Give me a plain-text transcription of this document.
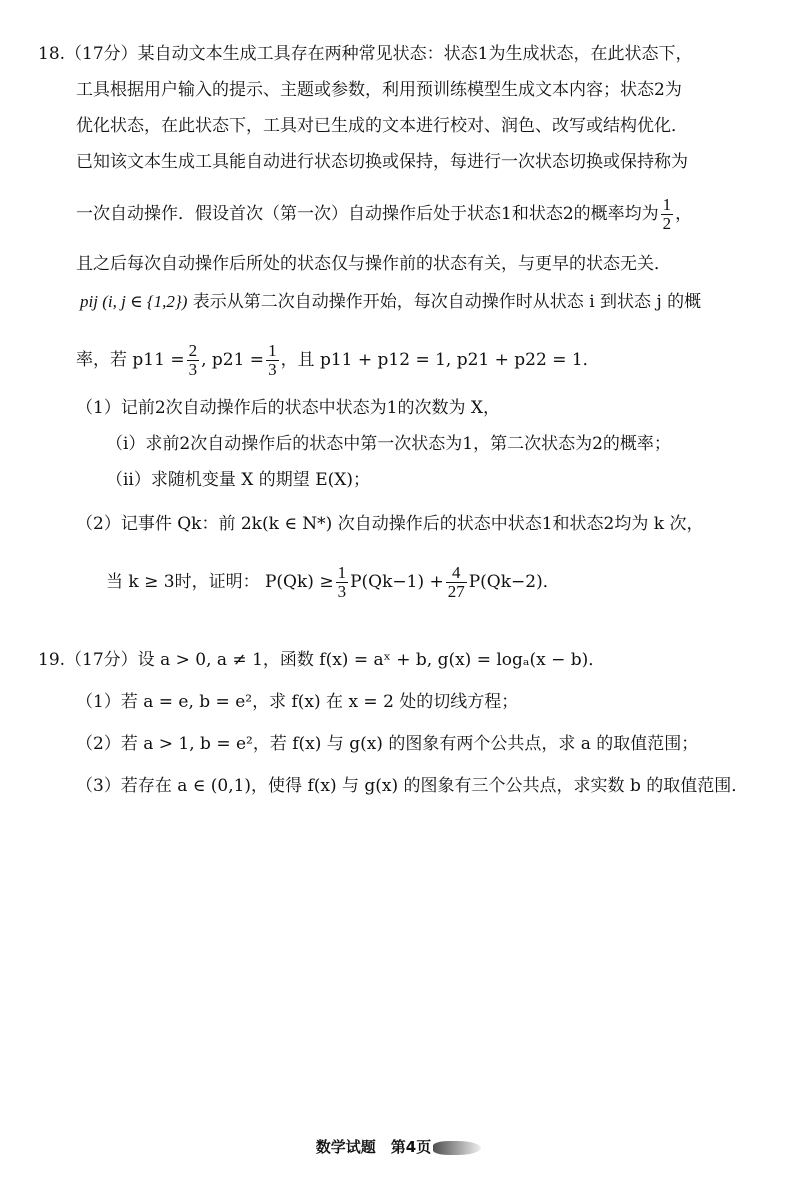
18.（17分）某自动文本生成工具存在两种常见状态：状态1为生成状态，在此状态下，
工具根据用户输入的提示、主题或参数，利用预训练模型生成文本内容；状态2为
优化状态，在此状态下，工具对已生成的文本进行校对、润色、改写或结构优化．
已知该文本生成工具能自动进行状态切换或保持，每进行一次状态切换或保持称为
一次自动操作．假设首次（第一次）自动操作后处于状态1和状态2的概率均为 $\frac{1}{2}$ ，
且之后每次自动操作后所处的状态仅与操作前的状态有关，与更早的状态无关．
pij (i, j ∈ {1,2}) 表示从第二次自动操作开始，每次自动操作时从状态 i 到状态 j 的概
率，若 $p11 = \frac{2}{3}$ , $p21 = \frac{1}{3}$ ，且 p11 + p12 = 1, p21 + p22 = 1．
（1）记前2次自动操作后的状态中状态为1的次数为 X，
（i）求前2次自动操作后的状态中第一次状态为1，第二次状态为2的概率；
（ii）求随机变量 X 的期望 E(X)；
（2）记事件 Qk：前 2k(k ∈ N*) 次自动操作后的状态中状态1和状态2均为 k 次，
当 k ≥ 3时，证明： $P(Qk) \ge \frac{1}{3} P(Qk-1) + \frac{4}{27} P(Qk-2)$．
19.（17分）设 a > 0, a ≠ 1，函数 f(x) = aˣ + b, g(x) = logₐ(x − b)．
（1）若 a = e, b = e²，求 f(x) 在 x = 2 处的切线方程；
（2）若 a > 1, b = e²，若 f(x) 与 g(x) 的图象有两个公共点，求 a 的取值范围；
（3）若存在 a ∈ (0,1)，使得 f(x) 与 g(x) 的图象有三个公共点，求实数 b 的取值范围．
数学试题　第4页
